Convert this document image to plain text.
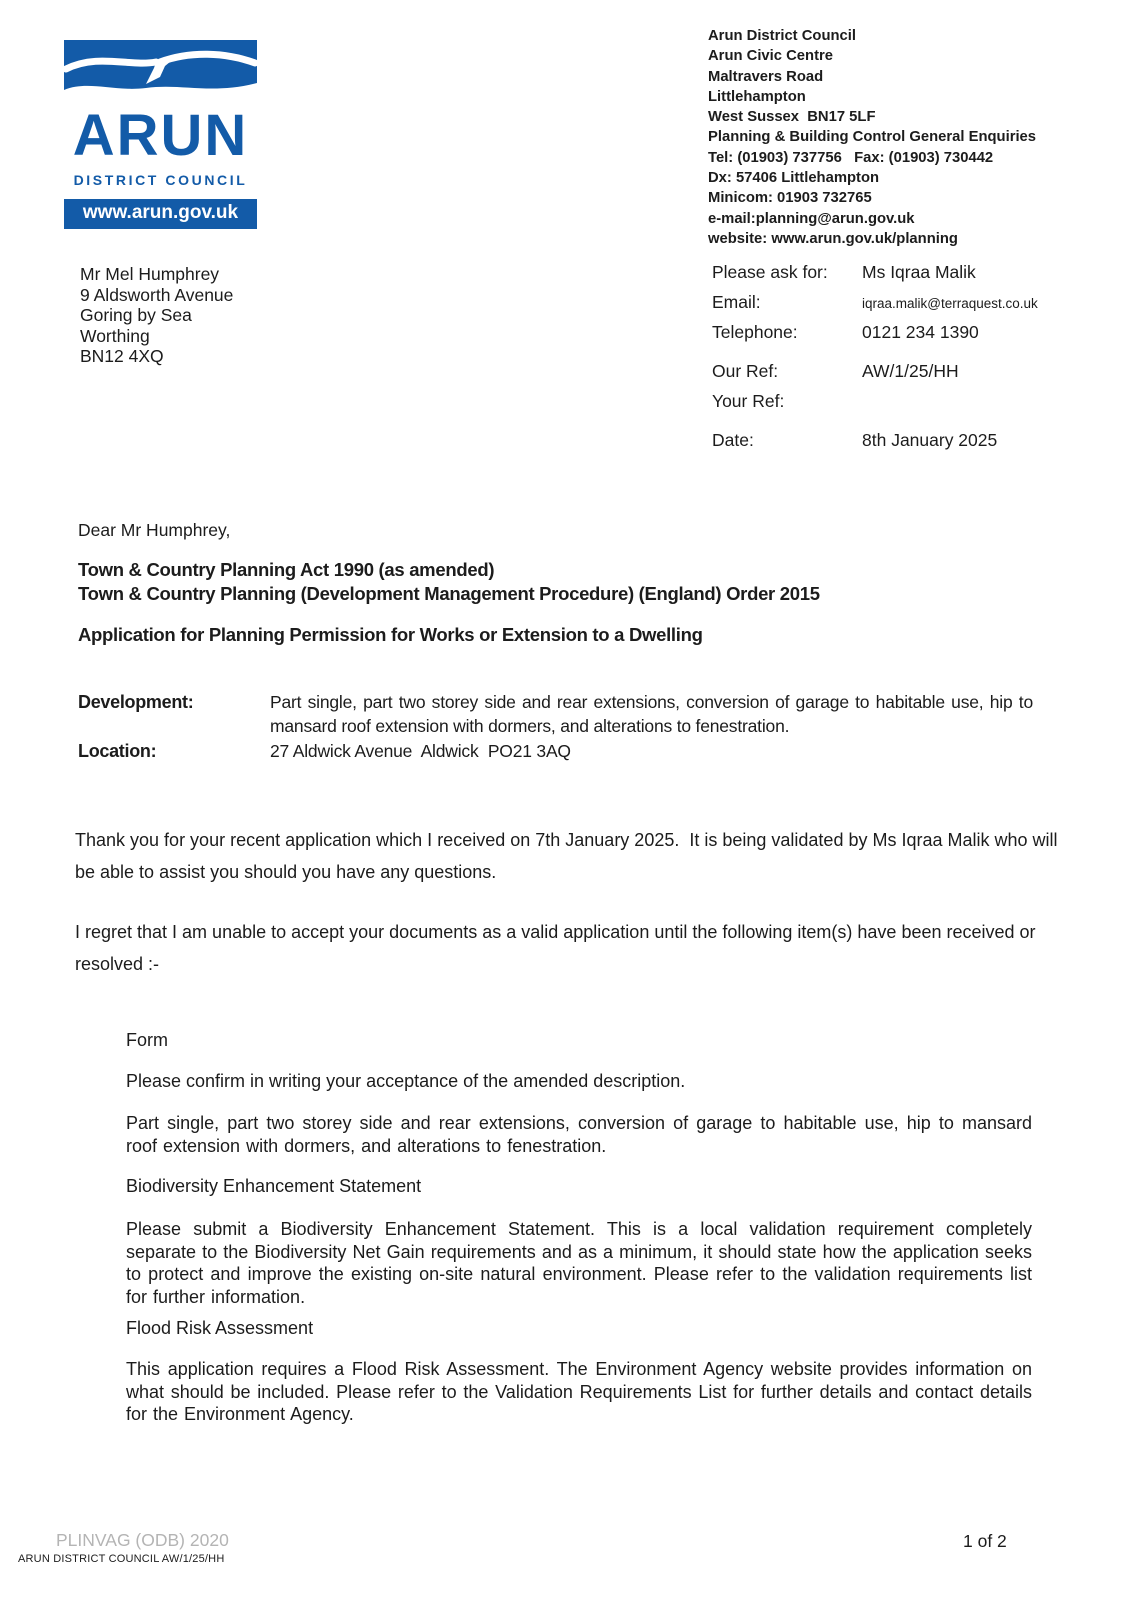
ARUN
DISTRICT COUNCIL
www.arun.gov.uk
Arun District Council
Arun Civic Centre
Maltravers Road
Littlehampton
West Sussex  BN17 5LF
Planning & Building Control General Enquiries
Tel: (01903) 737756   Fax: (01903) 730442
Dx: 57406 Littlehampton
Minicom: 01903 732765
e-mail:planning@arun.gov.uk
website: www.arun.gov.uk/planning
Mr Mel Humphrey
9 Aldsworth Avenue
Goring by Sea
Worthing
BN12 4XQ
Please ask for:	Ms Iqraa Malik
Email:	iqraa.malik@terraquest.co.uk
Telephone:	0121 234 1390
Our Ref:	AW/1/25/HH
Your Ref:
Date:	8th January 2025
Dear Mr Humphrey,
Town & Country Planning Act 1990 (as amended)
Town & Country Planning (Development Management Procedure) (England) Order 2015
Application for Planning Permission for Works or Extension to a Dwelling
Development:	Part single, part two storey side and rear extensions, conversion of garage to habitable use, hip to mansard roof extension with dormers, and alterations to fenestration.
Location:	27 Aldwick Avenue  Aldwick  PO21 3AQ
Thank you for your recent application which I received on 7th January 2025.  It is being validated by Ms Iqraa Malik who will be able to assist you should you have any questions.
I regret that I am unable to accept your documents as a valid application until the following item(s) have been received or resolved :-
Form
Please confirm in writing your acceptance of the amended description.
Part single, part two storey side and rear extensions, conversion of garage to habitable use, hip to mansard roof extension with dormers, and alterations to fenestration.
Biodiversity Enhancement Statement
Please submit a Biodiversity Enhancement Statement. This is a local validation requirement completely separate to the Biodiversity Net Gain requirements and as a minimum, it should state how the application seeks to protect and improve the existing on-site natural environment. Please refer to the validation requirements list for further information.
Flood Risk Assessment
This application requires a Flood Risk Assessment. The Environment Agency website provides information on what should be included. Please refer to the Validation Requirements List for further details and contact details for the Environment Agency.
PLINVAG (ODB) 2020	1 of 2
ARUN DISTRICT COUNCIL AW/1/25/HH
